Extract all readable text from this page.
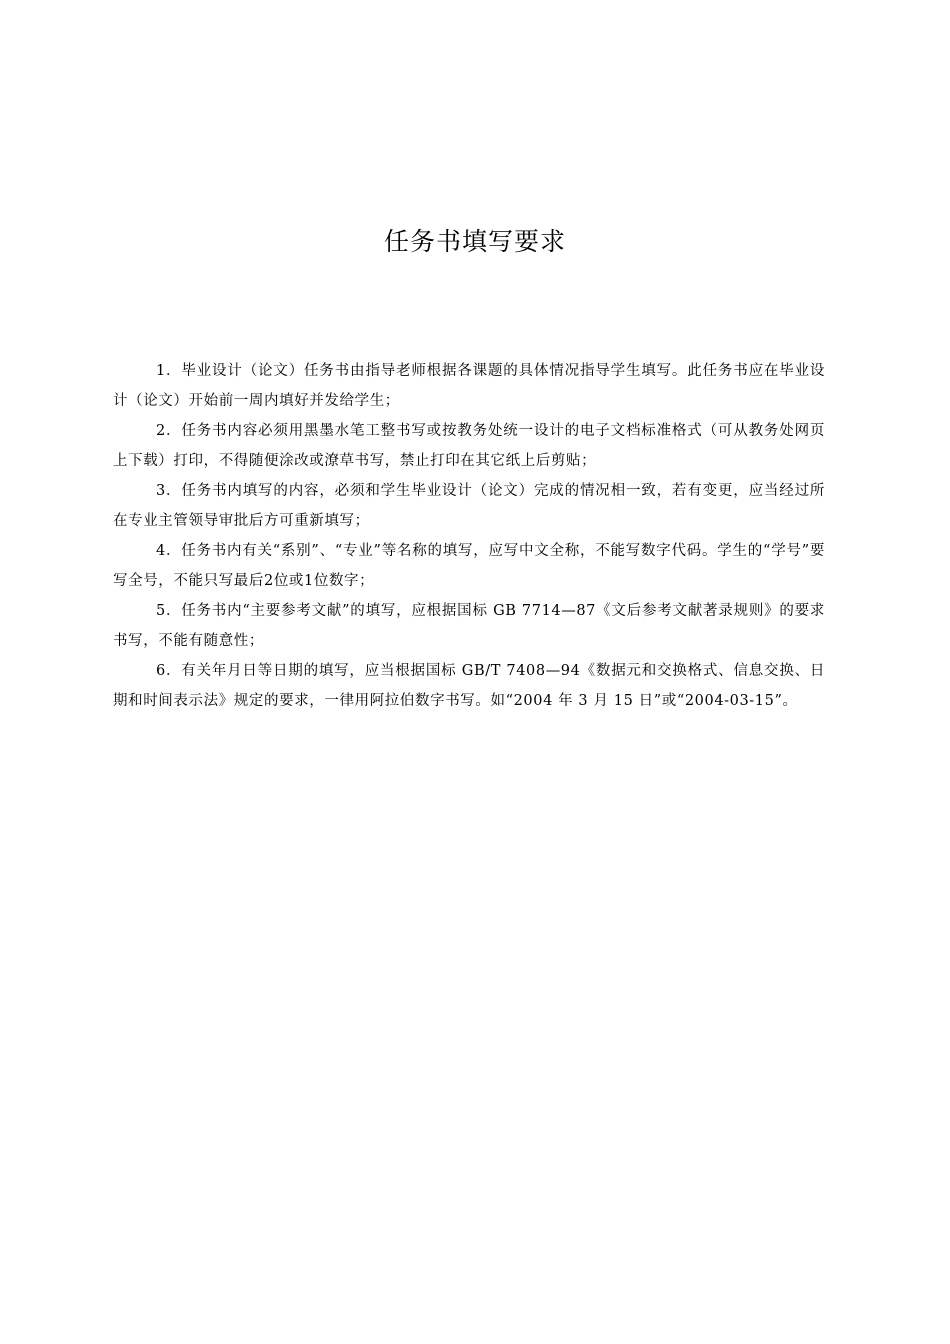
任务书填写要求

1．毕业设计（论文）任务书由指导老师根据各课题的具体情况指导学生填写。此任务书应在毕业设计（论文）开始前一周内填好并发给学生；

2．任务书内容必须用黑墨水笔工整书写或按教务处统一设计的电子文档标准格式（可从教务处网页上下载）打印，不得随便涂改或潦草书写，禁止打印在其它纸上后剪贴；

3．任务书内填写的内容，必须和学生毕业设计（论文）完成的情况相一致，若有变更，应当经过所在专业主管领导审批后方可重新填写；

4．任务书内有关“系别”、“专业”等名称的填写，应写中文全称，不能写数字代码。学生的“学号”要写全号，不能只写最后2位或1位数字；

5．任务书内“主要参考文献”的填写，应根据国标 GB 7714—87《文后参考文献著录规则》的要求书写，不能有随意性；

6．有关年月日等日期的填写，应当根据国标 GB/T 7408—94《数据元和交换格式、信息交换、日期和时间表示法》规定的要求，一律用阿拉伯数字书写。如“2004 年 3 月 15 日”或“2004-03-15”。
